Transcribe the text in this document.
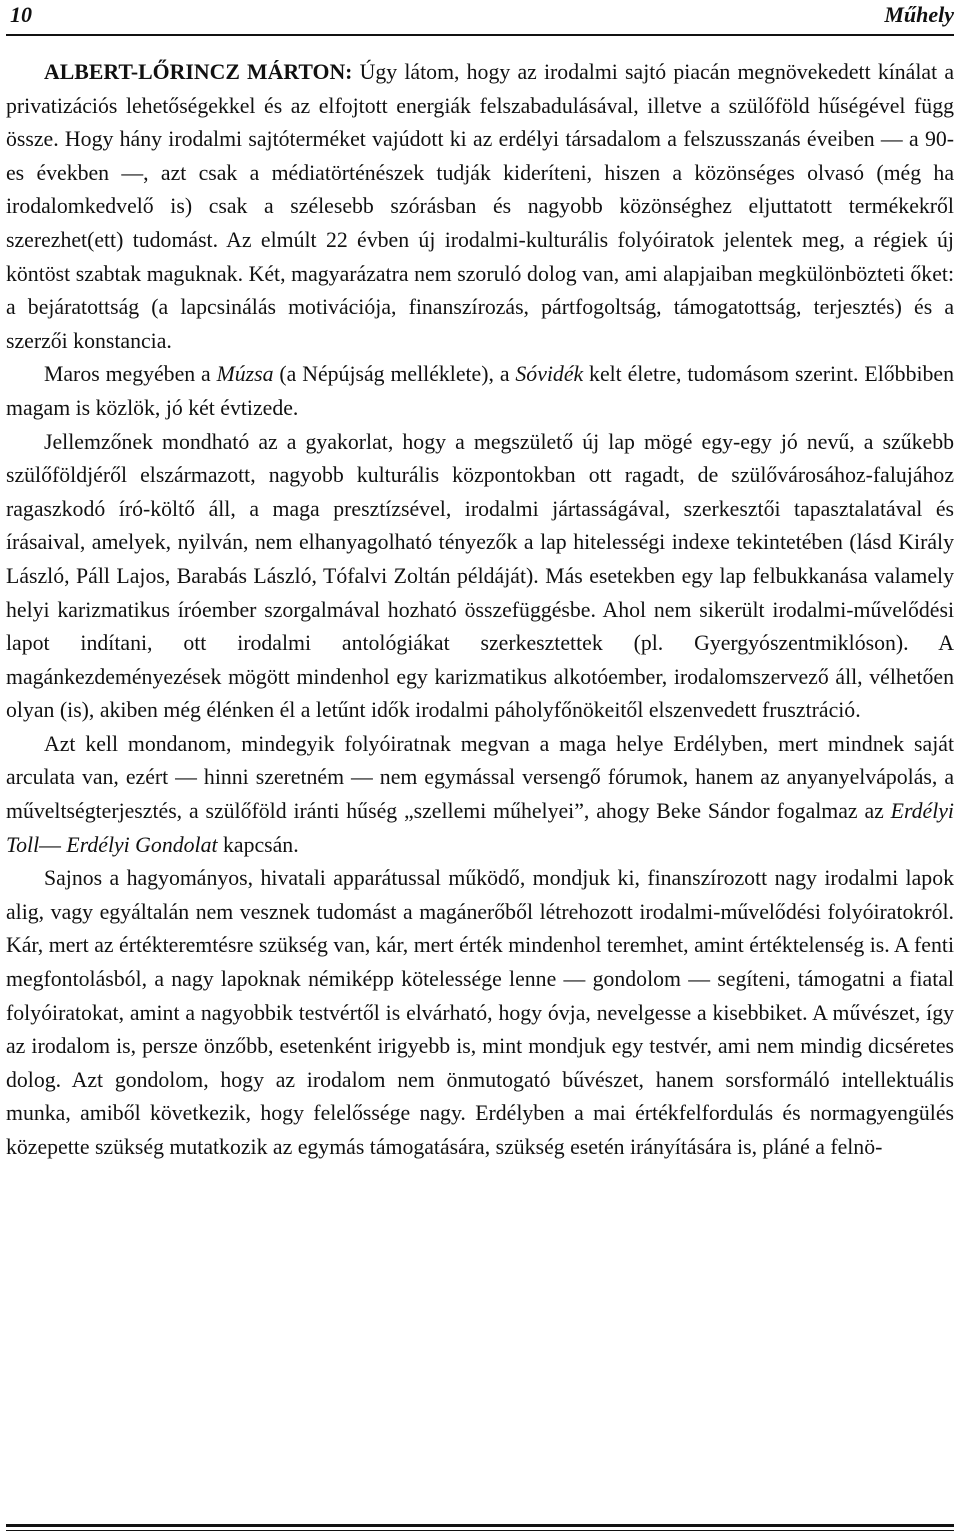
10	Műhely

ALBERT-LŐRINCZ MÁRTON: Úgy látom, hogy az irodalmi sajtó piacán megnövekedett kínálat a privatizációs lehetőségekkel és az elfojtott energiák felszabadulásával, illetve a szülőföld hűségével függ össze. Hogy hány irodalmi sajtóterméket vajúdott ki az erdélyi társadalom a felszusszanás éveiben — a 90-es években —, azt csak a médiatörténészek tudják kideríteni, hiszen a közönséges olvasó (még ha irodalomkedvelő is) csak a szélesebb szórásban és nagyobb közönséghez eljuttatott termékekről szerezhet(ett) tudomást. Az elmúlt 22 évben új irodalmi-kulturális folyóiratok jelentek meg, a régiek új köntöst szabtak maguknak. Két, magyarázatra nem szoruló dolog van, ami alapjaiban megkülönbözteti őket: a bejáratottság (a lapcsinálás motivációja, finanszírozás, pártfogoltság, támogatottság, terjesztés) és a szerzői konstancia.

Maros megyében a Múzsa (a Népújság melléklete), a Sóvidék kelt életre, tudomásom szerint. Előbbiben magam is közlök, jó két évtizede.

Jellemzőnek mondható az a gyakorlat, hogy a megszülető új lap mögé egy-egy jó nevű, a szűkebb szülőföldjéről elszármazott, nagyobb kulturális központokban ott ragadt, de szülővárosához-falujához ragaszkodó író-költő áll, a maga presztízsével, irodalmi jártasságával, szerkesztői tapasztalatával és írásaival, amelyek, nyilván, nem elhanyagolható tényezők a lap hitelességi indexe tekintetében (lásd Király László, Páll Lajos, Barabás László, Tófalvi Zoltán példáját). Más esetekben egy lap felbukkanása valamely helyi karizmatikus íróember szorgalmával hozható összefüggésbe. Ahol nem sikerült irodalmi-művelődési lapot indítani, ott irodalmi antológiákat szerkesztettek (pl. Gyergyószentmiklóson). A magánkezdeményezések mögött mindenhol egy karizmatikus alkotóember, irodalomszervező áll, vélhetően olyan (is), akiben még élénken él a letűnt idők irodalmi páholyfőnökeitől elszenvedett frusztráció.

Azt kell mondanom, mindegyik folyóiratnak megvan a maga helye Erdélyben, mert mindnek saját arculata van, ezért — hinni szeretném — nem egymással versengő fórumok, hanem az anyanyelvápolás, a műveltségterjesztés, a szülőföld iránti hűség „szellemi műhelyei”, ahogy Beke Sándor fogalmaz az Erdélyi Toll— Erdélyi Gondolat kapcsán.

Sajnos a hagyományos, hivatali apparátussal működő, mondjuk ki, finanszírozott nagy irodalmi lapok alig, vagy egyáltalán nem vesznek tudomást a magánerőből létrehozott irodalmi-művelődési folyóiratokról. Kár, mert az értékteremtésre szükség van, kár, mert érték mindenhol teremhet, amint értéktelenség is. A fenti megfontolásból, a nagy lapoknak némiképp kötelessége lenne — gondolom — segíteni, támogatni a fiatal folyóiratokat, amint a nagyobbik testvértől is elvárható, hogy óvja, nevelgesse a kisebbiket. A művészet, így az irodalom is, persze önzőbb, esetenként irigyebb is, mint mondjuk egy testvér, ami nem mindig dicséretes dolog. Azt gondolom, hogy az irodalom nem önmutogató bűvészet, hanem sorsformáló intellektuális munka, amiből következik, hogy felelőssége nagy. Erdélyben a mai értékfelfordulás és normagyengülés közepette szükség mutatkozik az egymás támogatására, szükség esetén irányítására is, pláné a felnö-
